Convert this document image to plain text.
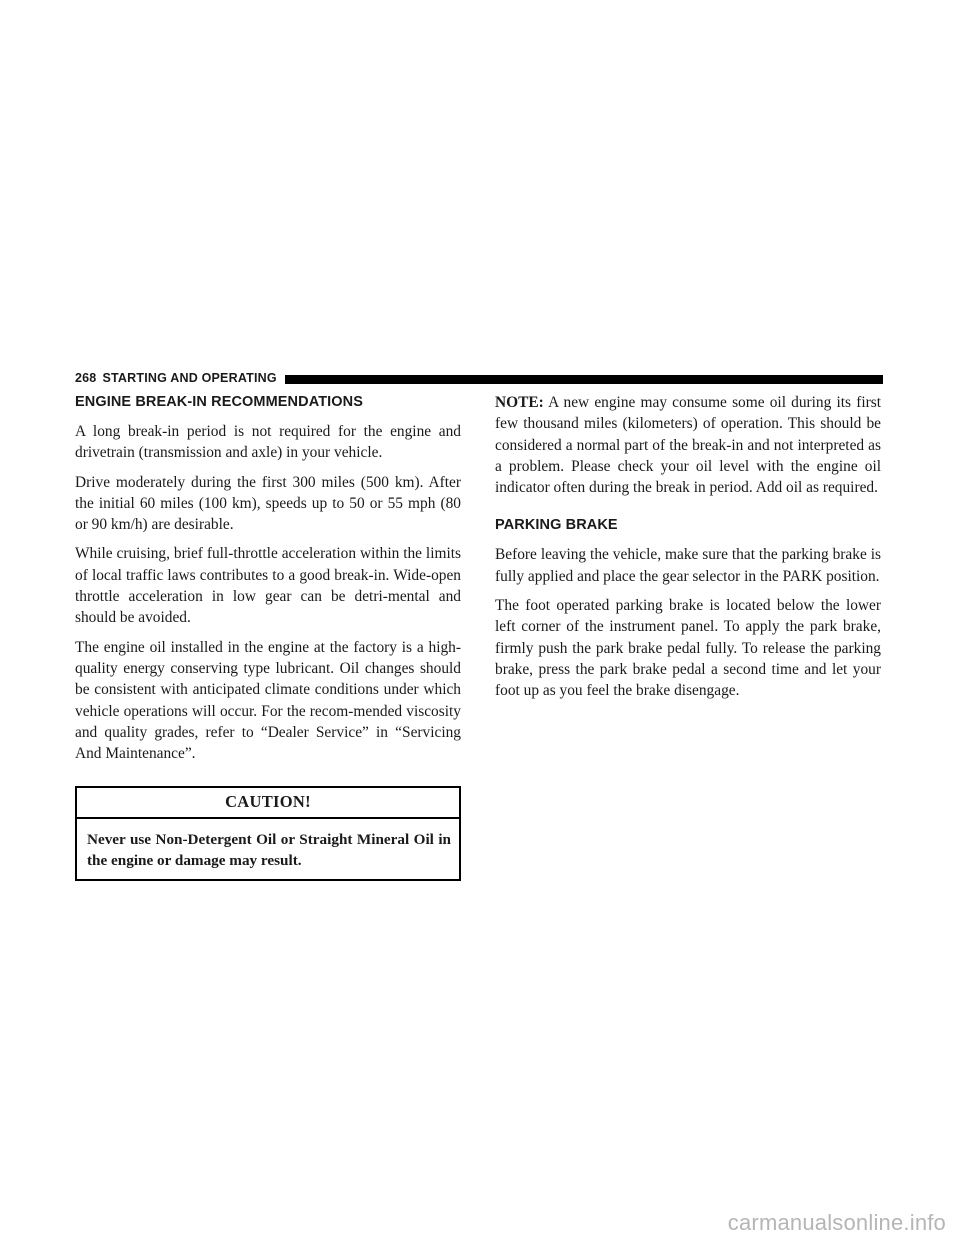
268 STARTING AND OPERATING
ENGINE BREAK-IN RECOMMENDATIONS

A long break-in period is not required for the engine and drivetrain (transmission and axle) in your vehicle.

Drive moderately during the first 300 miles (500 km). After the initial 60 miles (100 km), speeds up to 50 or 55 mph (80 or 90 km/h) are desirable.

While cruising, brief full-throttle acceleration within the limits of local traffic laws contributes to a good break-in. Wide-open throttle acceleration in low gear can be detri-mental and should be avoided.

The engine oil installed in the engine at the factory is a high-quality energy conserving type lubricant. Oil changes should be consistent with anticipated climate conditions under which vehicle operations will occur. For the recom-mended viscosity and quality grades, refer to “Dealer Service” in “Servicing And Maintenance”.

CAUTION!
Never use Non-Detergent Oil or Straight Mineral Oil in the engine or damage may result.

NOTE: A new engine may consume some oil during its first few thousand miles (kilometers) of operation. This should be considered a normal part of the break-in and not interpreted as a problem. Please check your oil level with the engine oil indicator often during the break in period. Add oil as required.

PARKING BRAKE

Before leaving the vehicle, make sure that the parking brake is fully applied and place the gear selector in the PARK position.

The foot operated parking brake is located below the lower left corner of the instrument panel. To apply the park brake, firmly push the park brake pedal fully. To release the parking brake, press the park brake pedal a second time and let your foot up as you feel the brake disengage.

carmanualsonline.info
